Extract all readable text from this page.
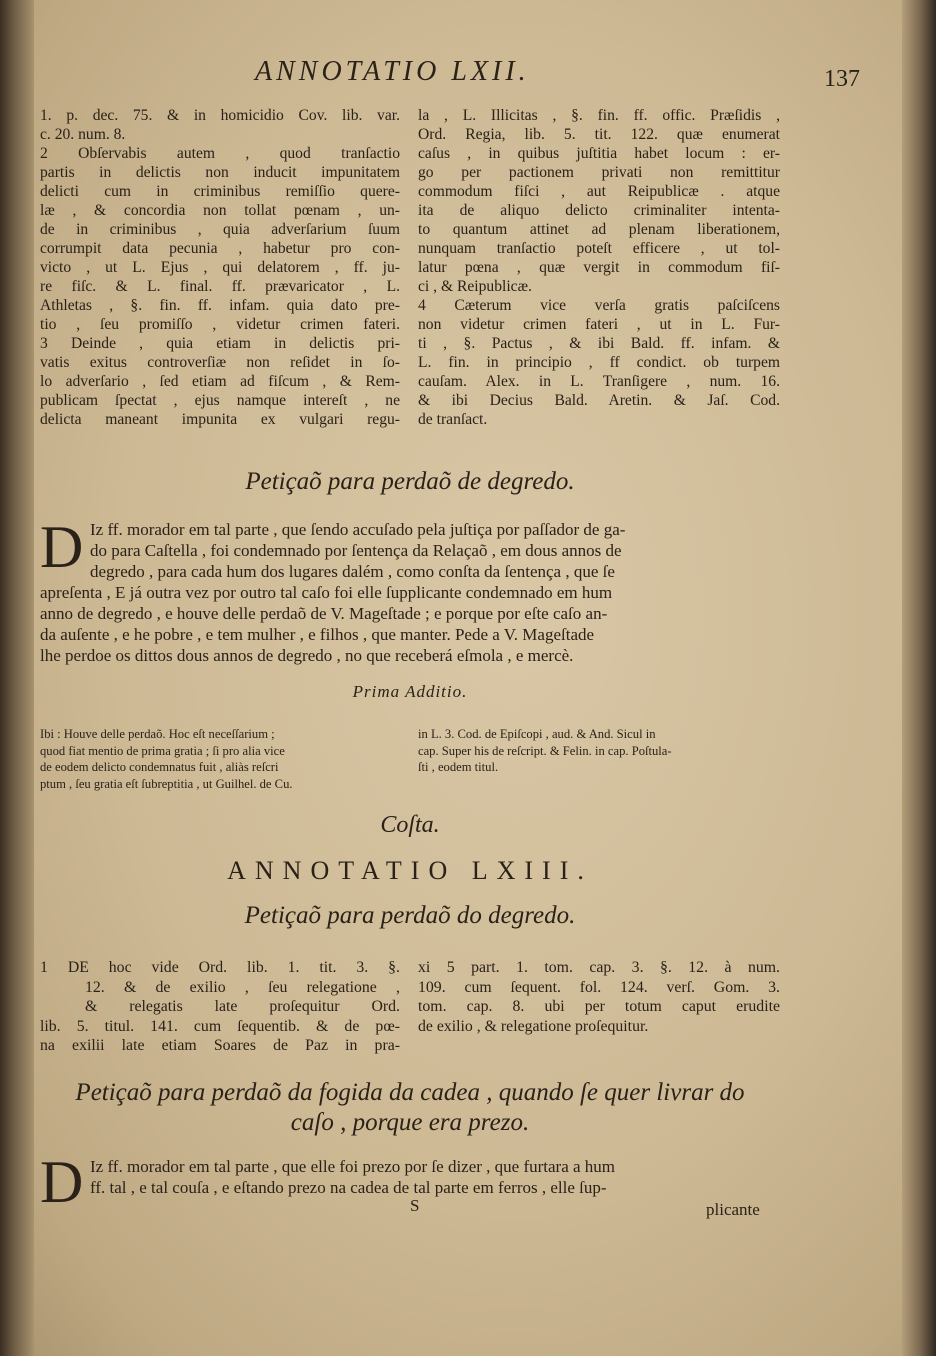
ANNOTATIO LXII.	137

1. p. dec. 75. & in homicidio Cov. lib. var.

c. 20. num. 8.

2 Obſervabis autem , quod tranſactio

partis in delictis non inducit impunitatem

delicti cum in criminibus remiſſio quere-

læ , & concordia non tollat pœnam , un-

de in criminibus , quia adverſarium ſuum

corrumpit data pecunia , habetur pro con-

victo , ut L. Ejus , qui delatorem , ff. ju-

re fiſc. & L. final. ff. prævaricator , L.

Athletas , §. fin. ff. infam. quia dato pre-

tio , ſeu promiſſo , videtur crimen fateri.

3 Deinde , quia etiam in delictis pri-

vatis exitus controverſiæ non reſidet in ſo-

lo adverſario , ſed etiam ad fiſcum , & Rem-

publicam ſpectat , ejus namque intereſt , ne

delicta maneant impunita ex vulgari regu-

la , L. Illicitas , §. fin. ff. offic. Præſidis ,

Ord. Regia, lib. 5. tit. 122. quæ enumerat

caſus , in quibus juſtitia habet locum : er-

go per pactionem privati non remittitur

commodum fiſci , aut Reipublicæ . atque

ita de aliquo delicto criminaliter intenta-

to quantum attinet ad plenam liberationem,

nunquam tranſactio poteſt efficere , ut tol-

latur pœna , quæ vergit in commodum fiſ-

ci , & Reipublicæ.

4 Cæterum vice verſa gratis paſciſcens

non videtur crimen fateri , ut in L. Fur-

ti , §. Pactus , & ibi Bald. ff. infam. &

L. fin. in principio , ff condict. ob turpem

cauſam. Alex. in L. Tranſigere , num. 16.

& ibi Decius Bald. Aretin. & Jaſ. Cod.

de tranſact.

Petiçaõ para perdaõ de degredo.
D Iz ff. morador em tal parte , que ſendo accuſado pela juſtiça por paſſador de ga-

do para Caſtella , foi condemnado por ſentença da Relaçaõ , em dous annos de

degredo , para cada hum dos lugares dalém , como conſta da ſentença , que ſe

apreſenta , E já outra vez por outro tal caſo foi elle ſupplicante condemnado em hum

anno de degredo , e houve delle perdaõ de V. Mageſtade ; e porque por eſte caſo an-

da auſente , e he pobre , e tem mulher , e filhos , que manter. Pede a V. Mageſtade

lhe perdoe os dittos dous annos de degredo , no que receberá eſmola , e mercè.

Prima Additio.

Ibi : Houve delle perdaõ. Hoc eſt neceſſarium ;

quod fiat mentio de prima gratia ; ſi pro alia vice

de eodem delicto condemnatus fuit , aliàs reſcri

ptum , ſeu gratia eſt ſubreptitia , ut Guilhel. de Cu.

in L. 3. Cod. de Epiſcopi , aud. & And. Sicul in

cap. Super his de reſcript. & Felin. in cap. Poſtula-

ſti , eodem titul.

Coſta.
ANNOTATIO LXIII.
Petiçaõ para perdaõ do degredo.

1 DE hoc vide Ord. lib. 1. tit. 3. §.

12. & de exilio , ſeu relegatione ,

& relegatis late proſequitur Ord.

lib. 5. titul. 141. cum ſequentib. & de pœ-

na exilii late etiam Soares de Paz in pra-

xi 5 part. 1. tom. cap. 3. §. 12. à num.

109. cum ſequent. fol. 124. verſ. Gom. 3.

tom. cap. 8. ubi per totum caput erudite

de exilio , & relegatione proſequitur.

Petiçaõ para perdaõ da fogida da cadea , quando ſe quer livrar do
caſo , porque era prezo.
D Iz ff. morador em tal parte , que elle foi prezo por ſe dizer , que furtara a hum

ff. tal , e tal couſa , e eſtando prezo na cadea de tal parte em ferros , elle ſup-

S	plicante
